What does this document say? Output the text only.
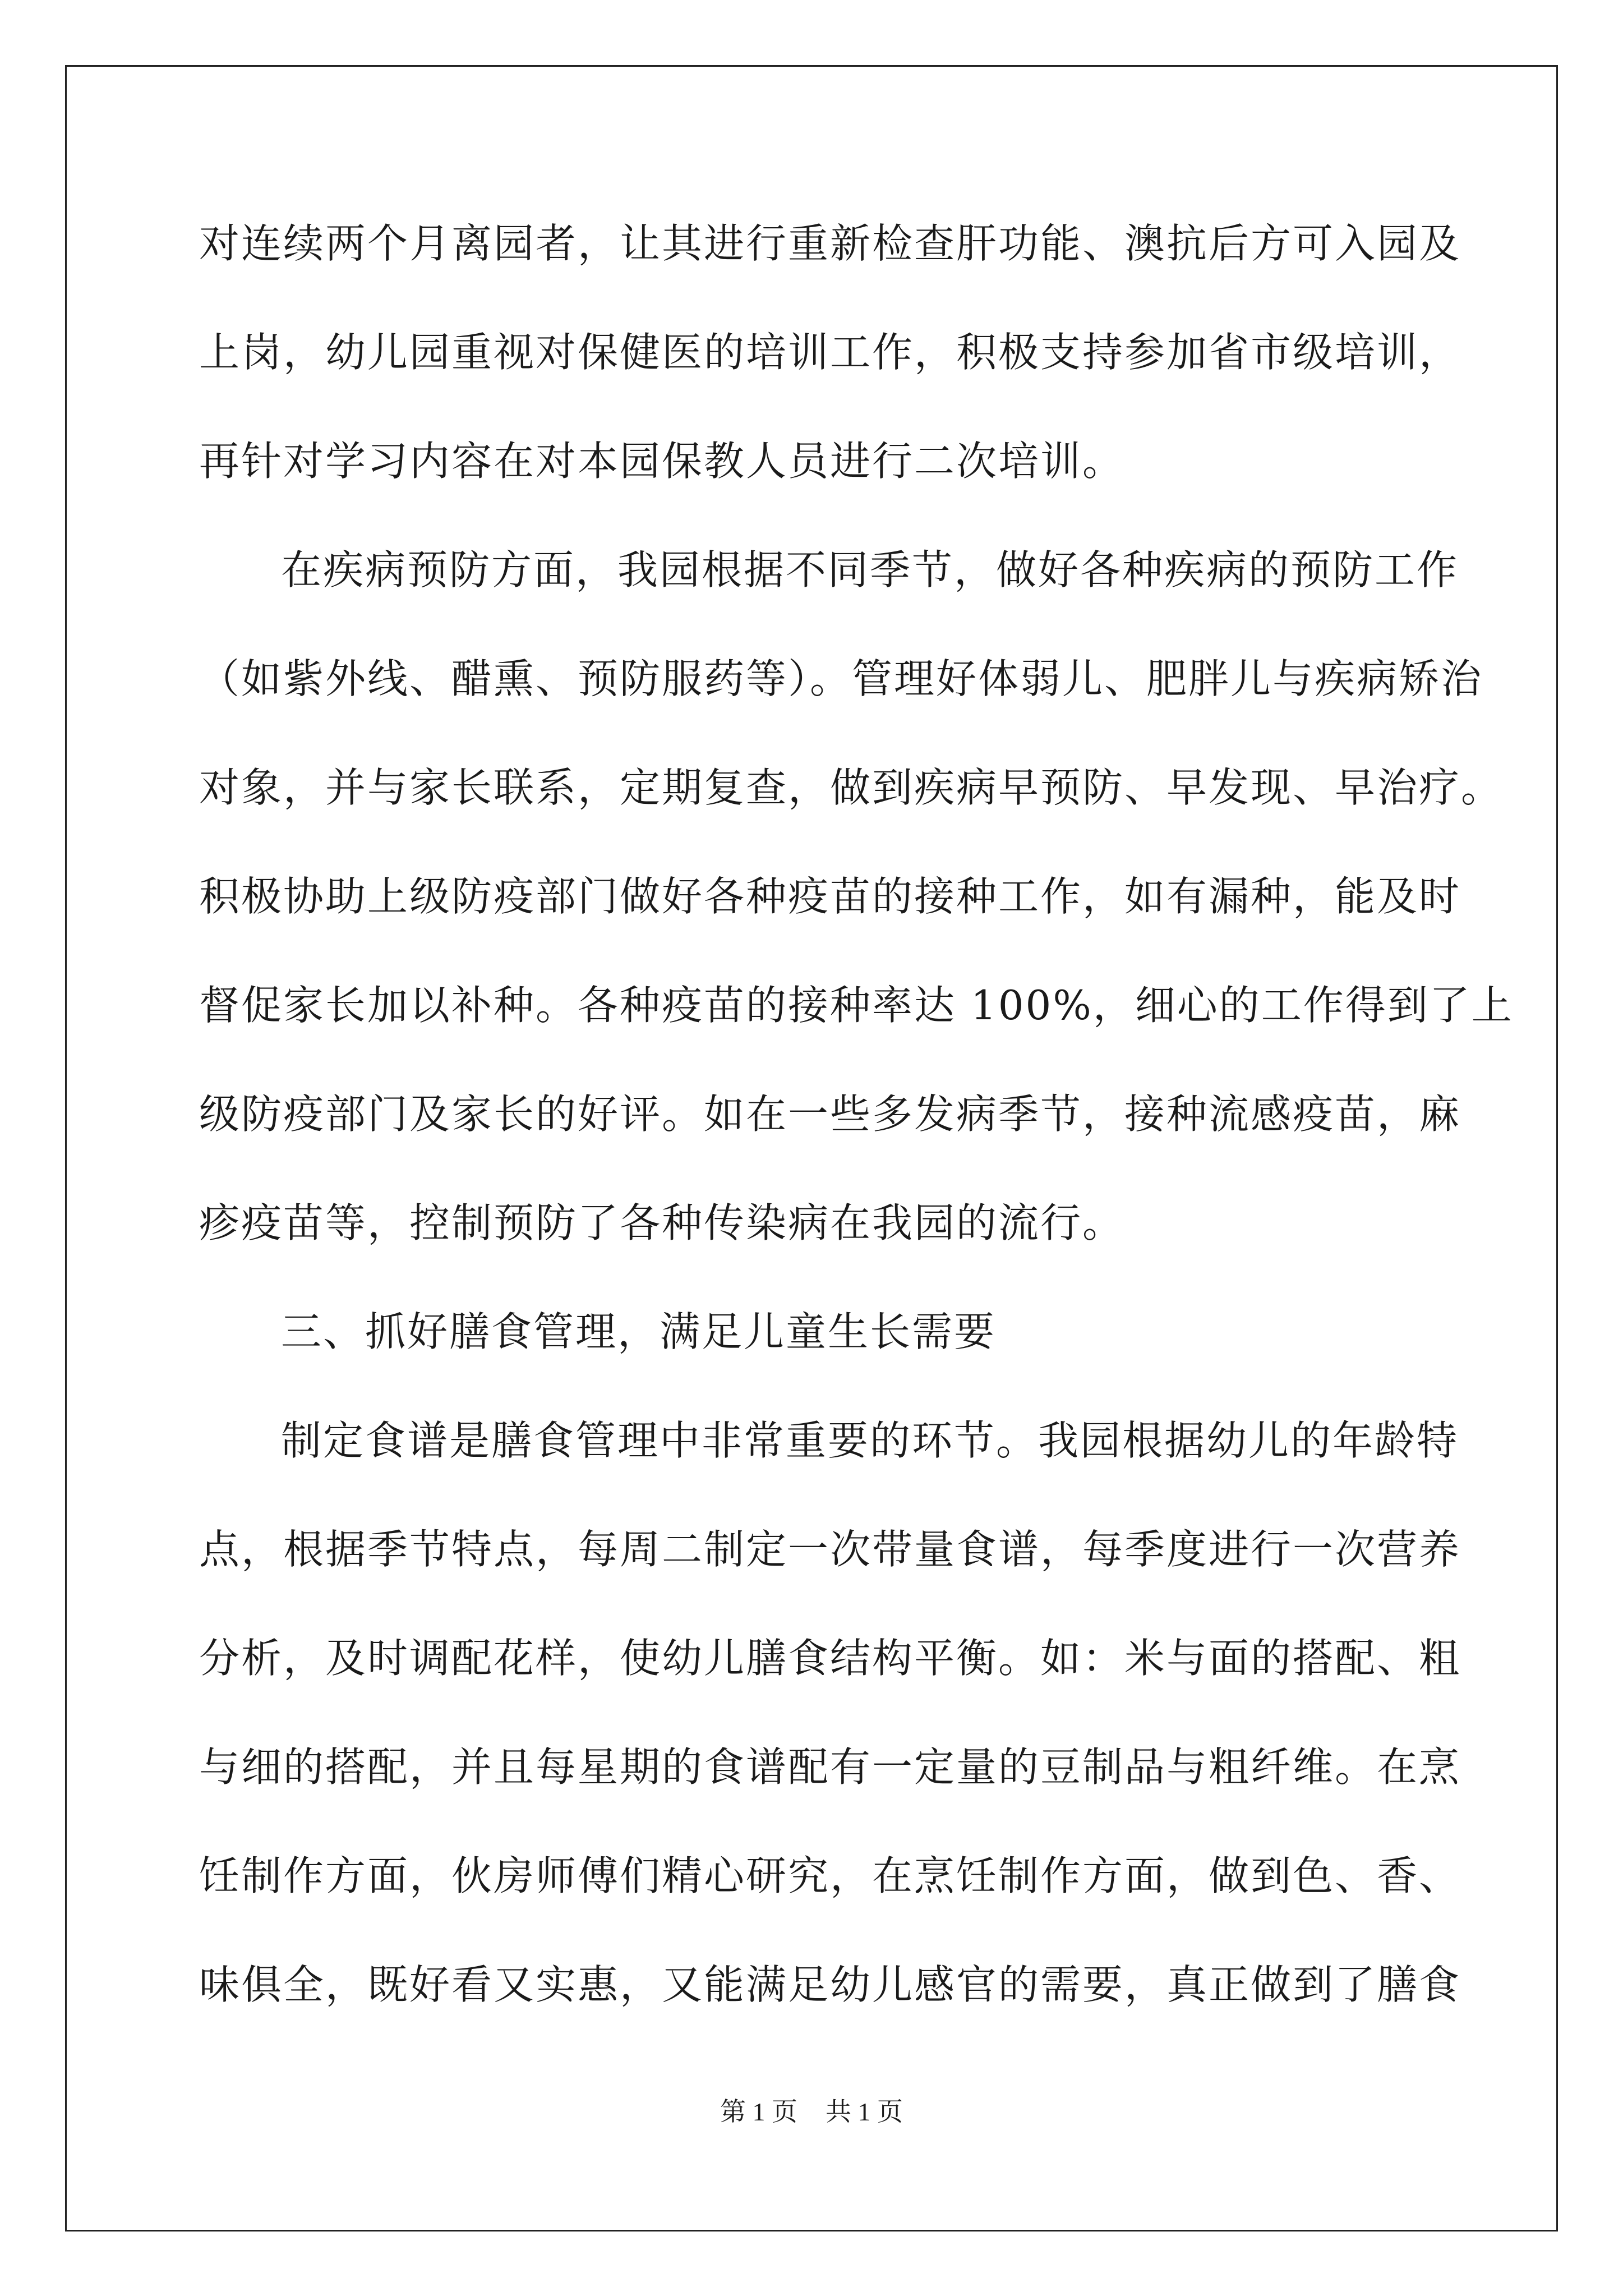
对连续两个月离园者，让其进行重新检查肝功能、澳抗后方可入园及
上岗，幼儿园重视对保健医的培训工作，积极支持参加省市级培训，
再针对学习内容在对本园保教人员进行二次培训。
在疾病预防方面，我园根据不同季节，做好各种疾病的预防工作
（如紫外线、醋熏、预防服药等）。管理好体弱儿、肥胖儿与疾病矫治
对象，并与家长联系，定期复查，做到疾病早预防、早发现、早治疗。
积极协助上级防疫部门做好各种疫苗的接种工作，如有漏种，能及时
督促家长加以补种。各种疫苗的接种率达 100%，细心的工作得到了上
级防疫部门及家长的好评。如在一些多发病季节，接种流感疫苗，麻
疹疫苗等，控制预防了各种传染病在我园的流行。
三、抓好膳食管理，满足儿童生长需要
制定食谱是膳食管理中非常重要的环节。我园根据幼儿的年龄特
点，根据季节特点，每周二制定一次带量食谱，每季度进行一次营养
分析，及时调配花样，使幼儿膳食结构平衡。如：米与面的搭配、粗
与细的搭配，并且每星期的食谱配有一定量的豆制品与粗纤维。在烹
饪制作方面，伙房师傅们精心研究，在烹饪制作方面，做到色、香、
味俱全，既好看又实惠，又能满足幼儿感官的需要，真正做到了膳食
第 1 页 共 1 页
